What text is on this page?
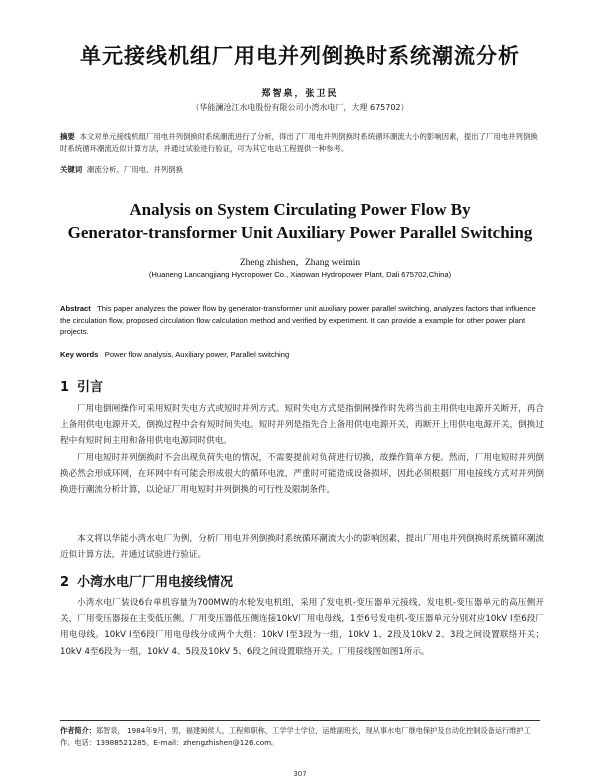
单元接线机组厂用电并列倒换时系统潮流分析
郑智泉，张卫民
（华能澜沧江水电股份有限公司小湾水电厂，大理 675702）
摘要 本文对单元接线机组厂用电并列倒换时系统潮流进行了分析，得出了厂用电并列倒换时系统循环潮流大小的影响因素，提出了厂用电并列倒换时系统循环潮流近似计算方法，并通过试验进行验证，可为其它电站工程提供一种参考。
关键词 潮流分析、厂用电、并列倒换
Analysis on System Circulating Power Flow By
Generator-transformer Unit Auxiliary Power Parallel Switching
Zheng zhishen，Zhang weimin
(Huaneng Lancangjiang Hycropower Co., Xiaowan Hydropower Plant, Dali 675702,China)
Abstract This paper analyzes the power flow by generator-transformer unit auxiliary power parallel switching, analyzes factors that influence the circulation flow, proposed circulation flow calculation method and verified by experiment. It can provide a example for other power plant projects.
Key words Power flow analysis, Auxiliary power, Parallel switching
1 引言
厂用电倒闸操作可采用短时失电方式或短时并列方式。短时失电方式是指倒闸操作时先将当前主用供电电源开关断开，再合上备用供电电源开关，倒换过程中会有短时间失电。短时并列是指先合上备用供电电源开关，再断开上用供电电源开关，倒换过程中有短时间主用和备用供电电源同时供电。
厂用电短时并列倒换时不会出现负荷失电的情况，不需要提前对负荷进行切换，故操作简单方便。然而，厂用电短时并列倒换必然会形成环网，在环网中有可能会形成很大的循环电流，严重时可能造成设备损坏，因此必须根据厂用电接线方式对并列倒换进行潮流分析计算，以论证厂用电短时并列倒换的可行性及限制条件。
本文将以华能小湾水电厂为例，分析厂用电并列倒换时系统循环潮流大小的影响因素，提出厂用电并列倒换时系统循环潮流近似计算方法，并通过试验进行验证。
2 小湾水电厂厂用电接线情况
小湾水电厂装设6台单机容量为700MW的水轮发电机组，采用了发电机-变压器单元接线，发电机-变压器单元的高压侧开关，厂用变压器接在主变低压侧。厂用变压器低压侧连接10kV厂用电母线，1至6号发电机-变压器单元分别对应10kV I至6段厂用电母线。10kV I至6段厂用电母线分成两个大组：10kV I至3段为一组，10kV 1、2段及10kV 2、3段之间设置联络开关；10kV 4至6段为一组，10kV 4、5段及10kV 5、6段之间设置联络开关。厂用接线图如图1所示。
作者简介：郑智泉， 1984年9月，男，福建闽侯人，工程师职称，工学学士学位，运维副班长，现从事水电厂继电保护及自动化控制设备运行维护工作。电话：13988521285。E-mail：zhengzhishen@126.com。
307
